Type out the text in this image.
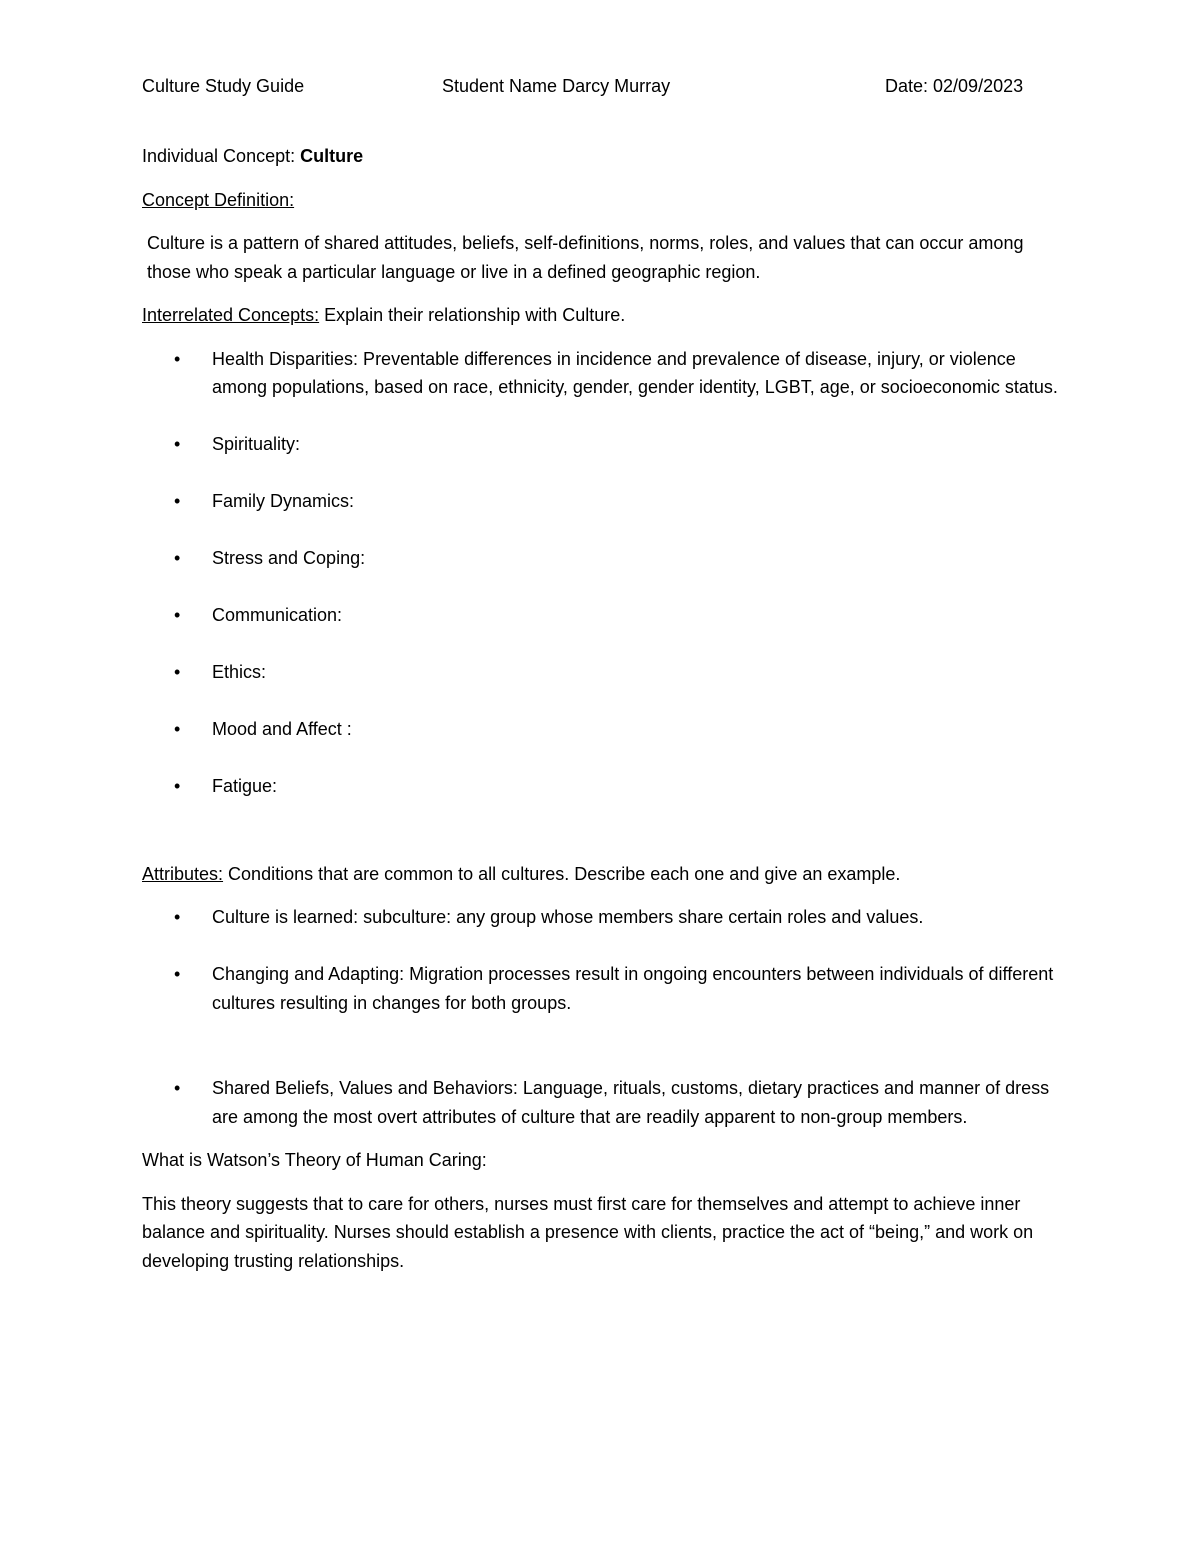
Culture Study Guide	Student Name Darcy Murray	Date: 02/09/2023

Individual Concept: Culture

Concept Definition:

Culture is a pattern of shared attitudes, beliefs, self-definitions, norms, roles, and values that can occur among those who speak a particular language or live in a defined geographic region.

Interrelated Concepts: Explain their relationship with Culture.

• Health Disparities: Preventable differences in incidence and prevalence of disease, injury, or violence among populations, based on race, ethnicity, gender, gender identity, LGBT, age, or socioeconomic status.
• Spirituality:
• Family Dynamics:
• Stress and Coping:
• Communication:
• Ethics:
• Mood and Affect :
• Fatigue:

Attributes: Conditions that are common to all cultures. Describe each one and give an example.

• Culture is learned: subculture: any group whose members share certain roles and values.
• Changing and Adapting: Migration processes result in ongoing encounters between individuals of different cultures resulting in changes for both groups.
• Shared Beliefs, Values and Behaviors: Language, rituals, customs, dietary practices and manner of dress are among the most overt attributes of culture that are readily apparent to non-group members.

What is Watson’s Theory of Human Caring:

This theory suggests that to care for others, nurses must first care for themselves and attempt to achieve inner balance and spirituality. Nurses should establish a presence with clients, practice the act of “being,” and work on developing trusting relationships.
